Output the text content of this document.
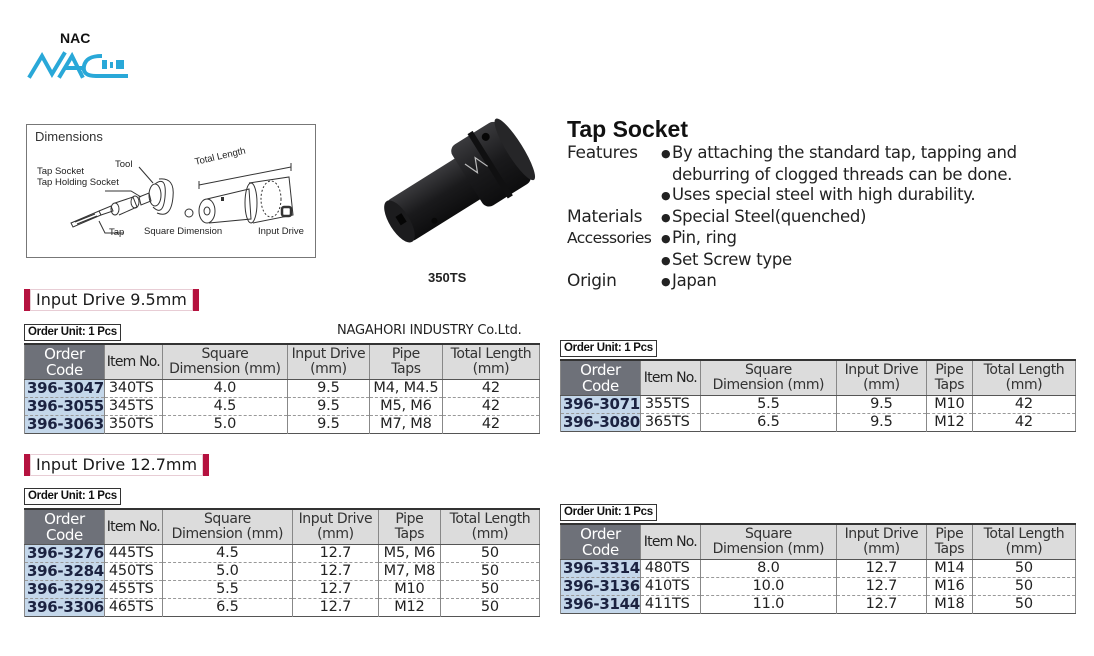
NAC
Dimensions
Tool
Tap Socket
Tap Holding Socket
Total Length
Tap Square Dimension	Input Drive
350TS
Tap Socket
Features	● By attaching the standard tap, tapping and
deburring of clogged threads can be done.
● Uses special steel with high durability.
Materials	● Special Steel(quenched)
Accessories ● Pin, ring
● Set Screw type
Origin	● Japan
Input Drive 9.5mm
Order Unit: 1 Pcs	NAGAHORI INDUSTRY Co.Ltd.
Order
Code	Item No.	Square
Dimension (mm)	Input Drive
(mm)	Pipe
Taps	Total Length
(mm)
396-3047	340TS	4.0	9.5	M4, M4.5	42
396-3055	345TS	4.5	9.5	M5, M6	42
396-3063	350TS	5.0	9.5	M7, M8	42
Order Unit: 1 Pcs
Order
Code	Item No.	Square
Dimension (mm)	Input Drive
(mm)	Pipe
Taps	Total Length
(mm)
396-3071	355TS	5.5	9.5	M10	42
396-3080	365TS	6.5	9.5	M12	42
Input Drive 12.7mm
Order Unit: 1 Pcs
Order
Code	Item No.	Square
Dimension (mm)	Input Drive
(mm)	Pipe
Taps	Total Length
(mm)
396-3276	445TS	4.5	12.7	M5, M6	50
396-3284	450TS	5.0	12.7	M7, M8	50
396-3292	455TS	5.5	12.7	M10	50
396-3306	465TS	6.5	12.7	M12	50
Order Unit: 1 Pcs
Order
Code	Item No.	Square
Dimension (mm)	Input Drive
(mm)	Pipe
Taps	Total Length
(mm)
396-3314	480TS	8.0	12.7	M14	50
396-3136	410TS	10.0	12.7	M16	50
396-3144	411TS	11.0	12.7	M18	50
